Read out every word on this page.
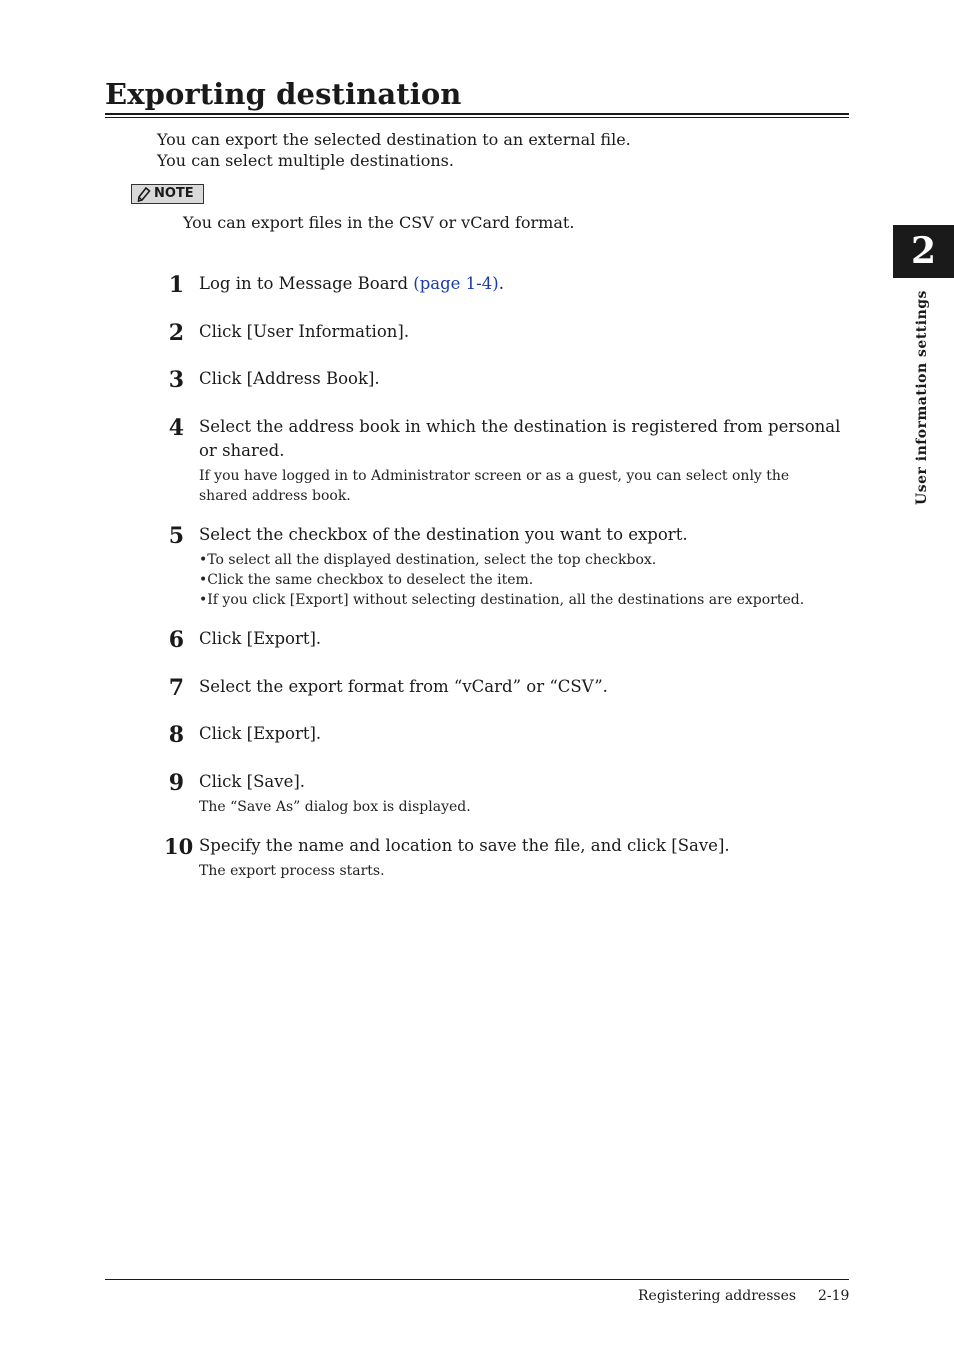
Exporting destination
You can export the selected destination to an external file.
You can select multiple destinations.
NOTE
You can export files in the CSV or vCard format.
1 Log in to Message Board (page 1-4).
2 Click [User Information].
3 Click [Address Book].
4 Select the address book in which the destination is registered from personal or shared.
If you have logged in to Administrator screen or as a guest, you can select only the shared address book.
5 Select the checkbox of the destination you want to export.
•To select all the displayed destination, select the top checkbox.
•Click the same checkbox to deselect the item.
•If you click [Export] without selecting destination, all the destinations are exported.
6 Click [Export].
7 Select the export format from “vCard” or “CSV”.
8 Click [Export].
9 Click [Save].
The “Save As” dialog box is displayed.
10 Specify the name and location to save the file, and click [Save].
The export process starts.
2
User information settings
Registering addresses 2-19
